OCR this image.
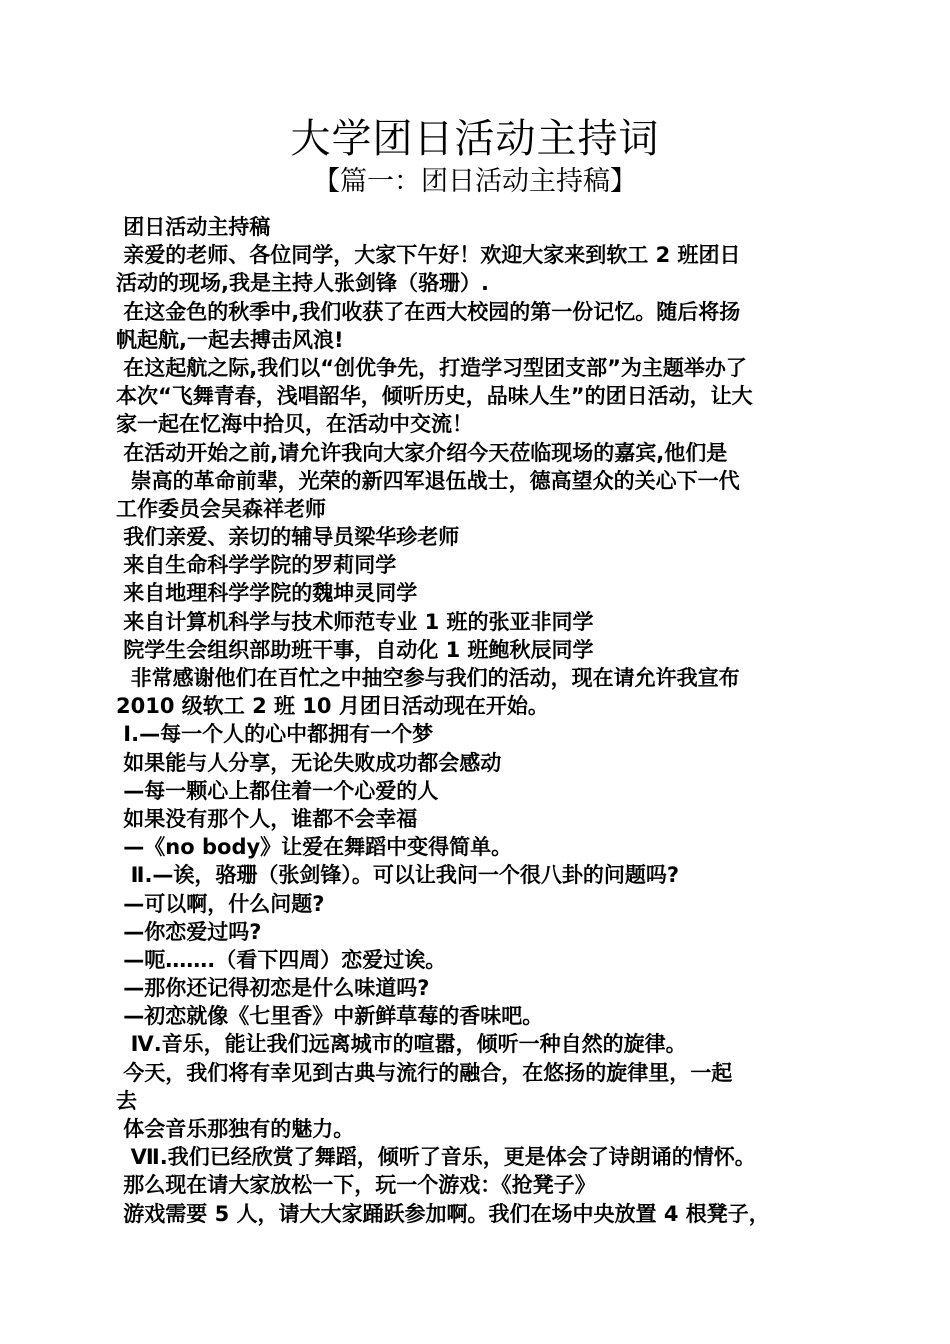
大学团日活动主持词
【篇一：团日活动主持稿】
团日活动主持稿
亲爱的老师、各位同学，大家下午好！欢迎大家来到软工 2 班团日
活动的现场,我是主持人张剑锋（骆珊）.
在这金色的秋季中,我们收获了在西大校园的第一份记忆。随后将扬
帆起航,一起去搏击风浪!
在这起航之际,我们以“创优争先，打造学习型团支部”为主题举办了
本次“飞舞青春，浅唱韶华，倾听历史，品味人生”的团日活动，让大
家一起在忆海中拾贝，在活动中交流！
在活动开始之前,请允许我向大家介绍今天莅临现场的嘉宾,他们是
崇高的革命前辈，光荣的新四军退伍战士，德高望众的关心下一代
工作委员会吴森祥老师
我们亲爱、亲切的辅导员梁华珍老师
来自生命科学学院的罗莉同学
来自地理科学学院的魏坤灵同学
来自计算机科学与技术师范专业 1 班的张亚非同学
院学生会组织部助班干事，自动化 1 班鲍秋辰同学
非常感谢他们在百忙之中抽空参与我们的活动，现在请允许我宣布
2010 级软工 2 班 10 月团日活动现在开始。
Ⅰ.—每一个人的心中都拥有一个梦
如果能与人分享，无论失败成功都会感动
—每一颗心上都住着一个心爱的人
如果没有那个人，谁都不会幸福
—《no body》让爱在舞蹈中变得简单。
Ⅱ.—诶，骆珊（张剑锋）。可以让我问一个很八卦的问题吗?
—可以啊，什么问题?
—你恋爱过吗?
—呃…….（看下四周）恋爱过诶。
—那你还记得初恋是什么味道吗?
—初恋就像《七里香》中新鲜草莓的香味吧。
Ⅳ.音乐，能让我们远离城市的喧嚣，倾听一种自然的旋律。
今天，我们将有幸见到古典与流行的融合，在悠扬的旋律里，一起
去
体会音乐那独有的魅力。
Ⅶ.我们已经欣赏了舞蹈，倾听了音乐，更是体会了诗朗诵的情怀。
那么现在请大家放松一下，玩一个游戏：《抢凳子》
游戏需要 5 人，请大大家踊跃参加啊。我们在场中央放置 4 根凳子，
